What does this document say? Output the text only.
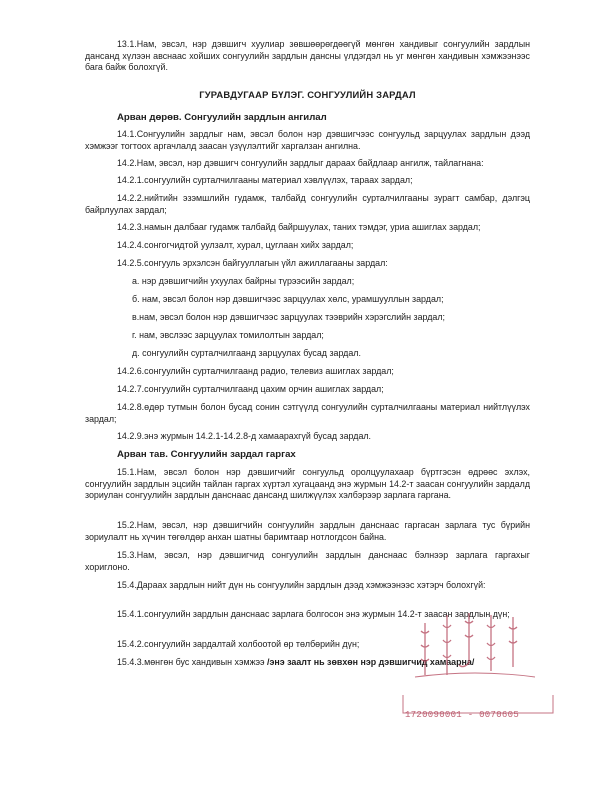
13.1.Нам, эвсэл, нэр дэвшигч хуулиар зөвшөөрөгдөөгүй мөнгөн хандивыг сонгуулийн зардлын дансанд хүлээн авснаас хойших сонгуулийн зардлын дансны үлдэгдэл нь уг мөнгөн хандивын хэмжээнээс бага байж болохгүй.

ГУРАВДУГААР БҮЛЭГ. СОНГУУЛИЙН ЗАРДАЛ
Арван дөрөв. Сонгуулийн зардлын ангилал

14.1.Сонгуулийн зардлыг нам, эвсэл болон нэр дэвшигчээс сонгуульд зарцуулах зардлын дээд хэмжээг тогтоох аргачлалд заасан үзүүлэлтийг харгалзан ангилна.

14.2.Нам, эвсэл, нэр дэвшигч сонгуулийн зардлыг дараах байдлаар ангилж, тайлагнана:

14.2.1.сонгуулийн сурталчилгааны материал хэвлүүлэх, тараах зардал;

14.2.2.нийтийн эзэмшлийн гудамж, талбайд сонгуулийн сурталчилгааны зурагт самбар, дэлгэц байрлуулах зардал;

14.2.3.намын далбааг гудамж талбайд байршуулах, таних тэмдэг, уриа ашиглах зардал;

14.2.4.сонгогчидтой уулзалт, хурал, цуглаан хийх зардал;

14.2.5.сонгууль эрхэлсэн байгууллагын үйл ажиллагааны зардал:

а. нэр дэвшигчийн ухуулах байрны түрээсийн зардал;

б. нам, эвсэл болон нэр дэвшигчээс зарцуулах хөлс, урамшууллын зардал;

в.нам, эвсэл болон нэр дэвшигчээс зарцуулах тээврийн хэрэгслийн зардал;

г. нам, эвслээс зарцуулах томилолтын зардал;

д. сонгуулийн сурталчилгаанд зарцуулах бусад зардал.

14.2.6.сонгуулийн сурталчилгаанд радио, телевиз ашиглах зардал;

14.2.7.сонгуулийн сурталчилгаанд цахим орчин ашиглах зардал;

14.2.8.өдөр тутмын болон бусад сонин сэтгүүлд сонгуулийн сурталчилгааны материал нийтлүүлэх зардал;

14.2.9.энэ журмын 14.2.1-14.2.8-д хамаарахгүй бусад зардал.

Арван тав. Сонгуулийн зардал гаргах

15.1.Нам, эвсэл болон нэр дэвшигчийг сонгуульд оролцуулахаар бүртгэсэн өдрөөс эхлэх, сонгуулийн зардлын эцсийн тайлан гаргах хүртэл хугацаанд энэ журмын 14.2-т заасан сонгуулийн зардалд зориулан сонгуулийн зардлын данснаас дансанд шилжүүлэх хэлбэрээр зарлага гаргана.

15.2.Нам, эвсэл, нэр дэвшигчийн сонгуулийн зардлын данснаас гаргасан зарлага тус бүрийн зориулалт нь хүчин төгөлдөр анхан шатны баримтаар нотлогдсон байна.

15.3.Нам, эвсэл, нэр дэвшигчид сонгуулийн зардлын данснаас бэлнээр зарлага гаргахыг хориглоно.

15.4.Дараах зардлын нийт дүн нь сонгуулийн зардлын дээд хэмжээнээс хэтэрч болохгүй:

15.4.1.сонгуулийн зардлын данснаас зарлага болгосон энэ журмын 14.2-т заасан зардлын дүн;

15.4.2.сонгуулийн зардалтай холбоотой өр төлбөрийн дүн;

15.4.3.мөнгөн бус хандивын хэмжээ /энэ заалт нь зөвхөн нэр дэвшигчид хамаарна/

1720090001 - 0070605
